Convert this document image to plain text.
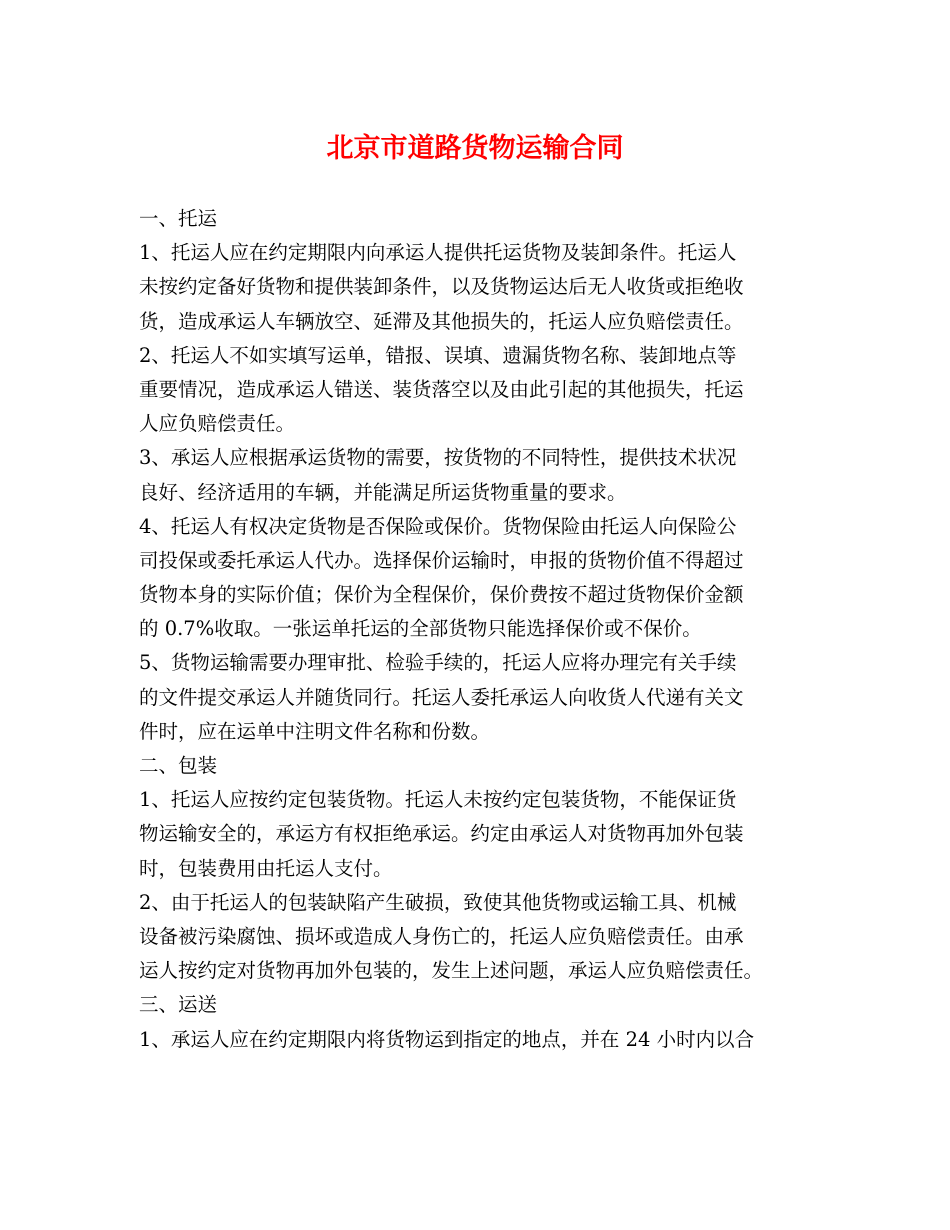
北京市道路货物运输合同
一、托运
1、托运人应在约定期限内向承运人提供托运货物及装卸条件。托运人
未按约定备好货物和提供装卸条件，以及货物运达后无人收货或拒绝收
货，造成承运人车辆放空、延滞及其他损失的，托运人应负赔偿责任。
2、托运人不如实填写运单，错报、误填、遗漏货物名称、装卸地点等
重要情况，造成承运人错送、装货落空以及由此引起的其他损失，托运
人应负赔偿责任。
3、承运人应根据承运货物的需要，按货物的不同特性，提供技术状况
良好、经济适用的车辆，并能满足所运货物重量的要求。
4、托运人有权决定货物是否保险或保价。货物保险由托运人向保险公
司投保或委托承运人代办。选择保价运输时，申报的货物价值不得超过
货物本身的实际价值；保价为全程保价，保价费按不超过货物保价金额
的 0.7%收取。一张运单托运的全部货物只能选择保价或不保价。
5、货物运输需要办理审批、检验手续的，托运人应将办理完有关手续
的文件提交承运人并随货同行。托运人委托承运人向收货人代递有关文
件时，应在运单中注明文件名称和份数。
二、包装
1、托运人应按约定包装货物。托运人未按约定包装货物，不能保证货
物运输安全的，承运方有权拒绝承运。约定由承运人对货物再加外包装
时，包装费用由托运人支付。
2、由于托运人的包装缺陷产生破损，致使其他货物或运输工具、机械
设备被污染腐蚀、损坏或造成人身伤亡的，托运人应负赔偿责任。由承
运人按约定对货物再加外包装的，发生上述问题，承运人应负赔偿责任。
三、运送
1、承运人应在约定期限内将货物运到指定的地点，并在 24 小时内以合
